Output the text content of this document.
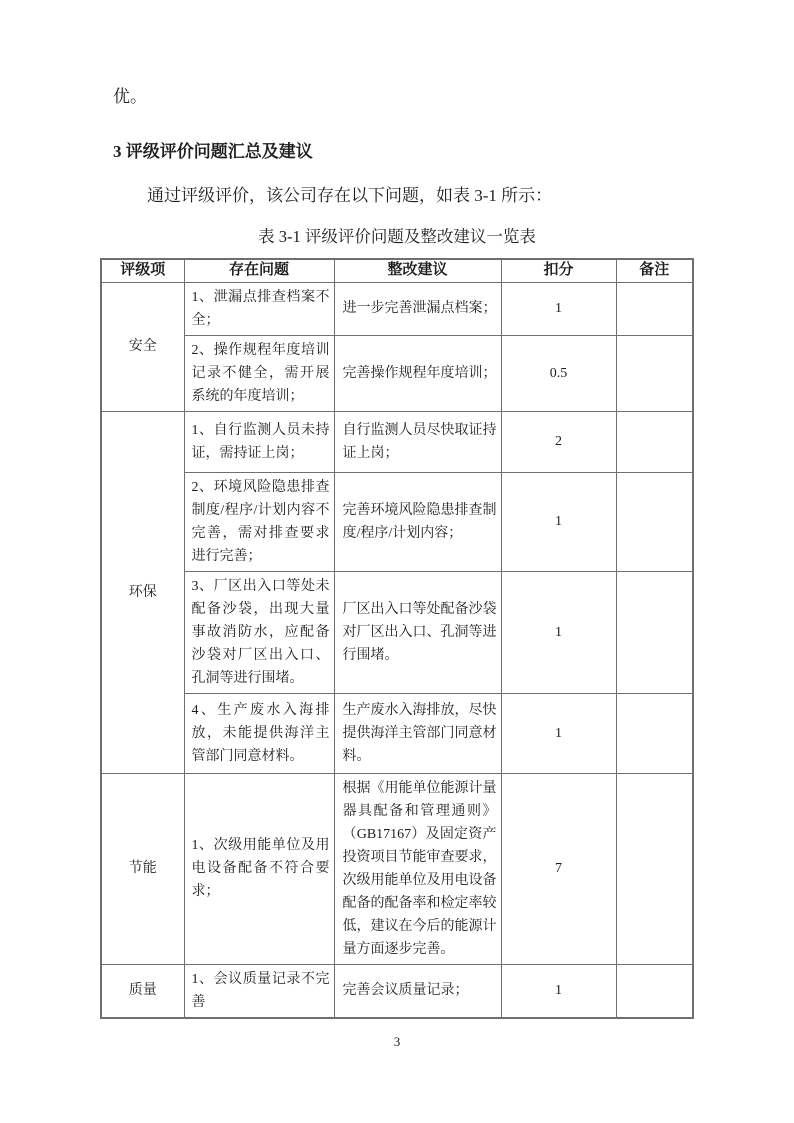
优。
3 评级评价问题汇总及建议
通过评级评价，该公司存在以下问题，如表 3-1 所示：
表 3-1 评级评价问题及整改建议一览表
评级项	存在问题	整改建议	扣分	备注
安全	1、泄漏点排查档案不全；	进一步完善泄漏点档案；	1	
	2、操作规程年度培训记录不健全，需开展系统的年度培训；	完善操作规程年度培训；	0.5	
环保	1、自行监测人员未持证，需持证上岗；	自行监测人员尽快取证持证上岗；	2	
	2、环境风险隐患排查制度/程序/计划内容不完善，需对排查要求进行完善；	完善环境风险隐患排查制度/程序/计划内容；	1	
	3、厂区出入口等处未配备沙袋，出现大量事故消防水，应配备沙袋对厂区出入口、孔洞等进行围堵。	厂区出入口等处配备沙袋对厂区出入口、孔洞等进行围堵。	1	
	4、生产废水入海排放，未能提供海洋主管部门同意材料。	生产废水入海排放，尽快提供海洋主管部门同意材料。	1	
节能	1、次级用能单位及用电设备配备不符合要求；	根据《用能单位能源计量器具配备和管理通则》（GB17167）及固定资产投资项目节能审查要求，次级用能单位及用电设备配备的配备率和检定率较低，建议在今后的能源计量方面逐步完善。	7	
质量	1、会议质量记录不完善	完善会议质量记录；	1	
3
